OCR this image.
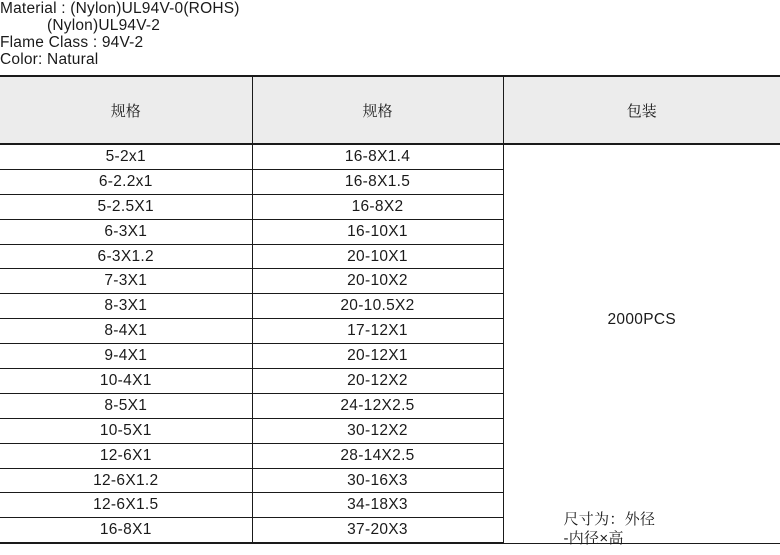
Material : (Nylon)UL94V-0(ROHS)
(Nylon)UL94V-2
Flame Class : 94V-2
Color: Natural
规格	规格	包装
5-2x1	16-8X1.4	2000PCS
尺寸为：外径
-内径×高

6-2.2x1	16-8X1.5	
5-2.5X1	16-8X2	
6-3X1	16-10X1	
6-3X1.2	20-10X1	
7-3X1	20-10X2	
8-3X1	20-10.5X2	
8-4X1	17-12X1	
9-4X1	20-12X1	
10-4X1	20-12X2	
8-5X1	24-12X2.5	
10-5X1	30-12X2	
12-6X1	28-14X2.5	
12-6X1.2	30-16X3	
12-6X1.5	34-18X3	
16-8X1	37-20X3	
